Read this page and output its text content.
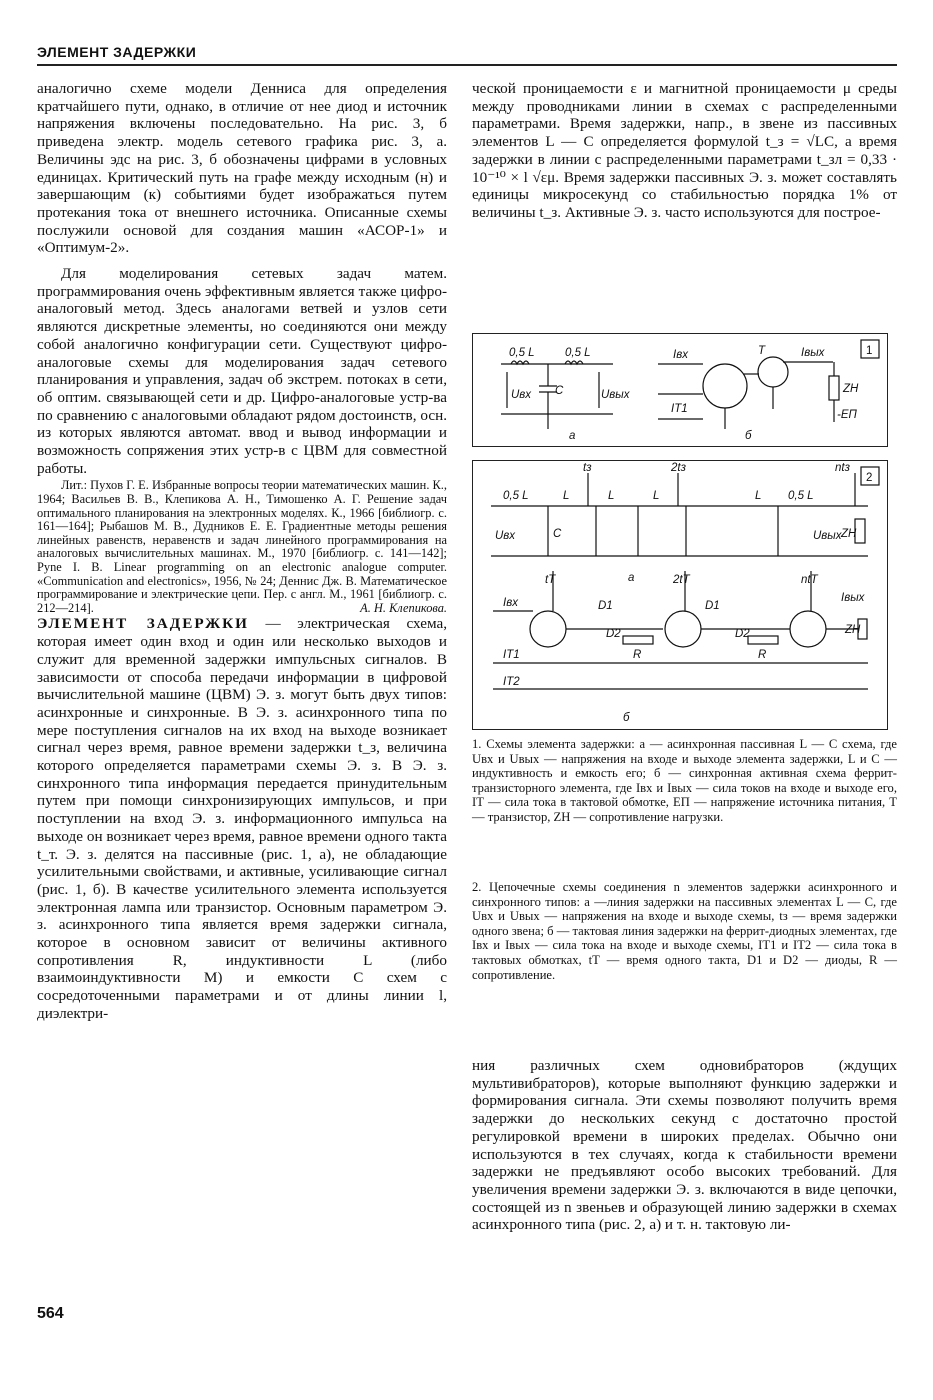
ЭЛЕМЕНТ ЗАДЕРЖКИ

аналогично схеме модели Денниса для определения кратчайшего пути, однако, в отличие от нее диод и источник напряжения включены последовательно. На рис. 3, б приведена электр. модель сетевого графика рис. 3, а. Величины эдс на рис. 3, б обозначены цифрами в условных единицах. Критический путь на графе между исходным (н) и завершающим (к) событиями будет изображаться путем протекания тока от внешнего источника. Описанные схемы послужили основой для создания машин «АСОР-1» и «Оптимум-2».

Для моделирования сетевых задач матем. программирования очень эффективным является также цифро-аналоговый метод. Здесь аналогами ветвей и узлов сети являются дискретные элементы, но соединяются они между собой аналогично конфигурации сети. Существуют цифро-аналоговые схемы для моделирования задач сетевого планирования и управления, задач об экстрем. потоках в сети, об оптим. связывающей сети и др. Цифро-аналоговые устр-ва по сравнению с аналоговыми обладают рядом достоинств, осн. из которых являются автомат. ввод и вывод информации и возможность сопряжения этих устр-в с ЦВМ для совместной работы.

Лит.: Пухов Г. Е. Избранные вопросы теории математических машин. К., 1964; Васильев В. В., Клепикова А. Н., Тимошенко А. Г. Решение задач оптимального планирования на электронных моделях. К., 1966 [библиогр. с. 161—164]; Рыбашов М. В., Дудников Е. Е. Градиентные методы решения линейных равенств, неравенств и задач линейного программирования на аналоговых вычислительных машинах. М., 1970 [библиогр. с. 141—142]; Pyne I. B. Linear programming on an electronic analogue computer. «Communication and electronics», 1956, № 24; Деннис Дж. В. Математическое программирование и электрические цепи. Пер. с англ. М., 1961 [библиогр. с. 212—214].	А. Н. Клепикова.

ЭЛЕМЕНТ ЗАДЕРЖКИ — электрическая схема, которая имеет один вход и один или несколько выходов и служит для временной задержки импульсных сигналов. В зависимости от способа передачи информации в цифровой вычислительной машине (ЦВМ) Э. з. могут быть двух типов: асинхронные и синхронные. В Э. з. асинхронного типа по мере поступления сигналов на их вход на выходе возникает сигнал через время, равное времени задержки t_з, величина которого определяется параметрами схемы Э. з. В Э. з. синхронного типа информация передается принудительным путем при помощи синхронизирующих импульсов, и при поступлении на вход Э. з. информационного импульса на выходе он возникает через время, равное времени одного такта t_т. Э. з. делятся на пассивные (рис. 1, а), не обладающие усилительными свойствами, и активные, усиливающие сигнал (рис. 1, б). В качестве усилительного элемента используется электронная лампа или транзистор. Основным параметром Э. з. асинхронного типа является время задержки сигнала, которое в основном зависит от величины активного сопротивления R, индуктивности L (либо взаимоиндуктивности M) и емкости C схем с сосредоточенными параметрами и от длины линии l, диэлектри-

ческой проницаемости ε и магнитной проницаемости μ среды между проводниками линии в схемах с распределенными параметрами. Время задержки, напр., в звене из пассивных элементов L — C определяется формулой t_з = √LC, а время задержки в линии с распределенными параметрами t_зл = 0,33 · 10⁻¹⁰ × l √εμ. Время задержки пассивных Э. з. может составлять единицы микросекунд со стабильностью порядка 1% от величины t_з. Активные Э. з. часто используются для построе-

0,5 L	0,5 L
C
Uвх	Uвых
a
Iвх
IТ1
T	Iвых
ZН
-EП
б
1
tз	2tз	ntз
0,5 L	L	L	L	L 0,5 L
C
Uвх	Uвых ZН
a
tТ	2tТ	ntТ
Iвх	Iвых
D1
D2
D1
D2
R	R
IТ1
IТ2
ZН
б
2
1. Схемы элемента задержки: а — асинхронная пассивная L — C схема, где Uвх и Uвых — напряжения на входе и выходе элемента задержки, L и C — индуктивность и емкость его; б — синхронная активная схема феррит-транзисторного элемента, где Iвх и Iвых — сила токов на входе и выходе его, IТ — сила тока в тактовой обмотке, EП — напряжение источника питания, T — транзистор, ZН — сопротивление нагрузки.
2. Цепочечные схемы соединения n элементов задержки асинхронного и синхронного типов: а —линия задержки на пассивных элементах L — C, где Uвх и Uвых — напряжения на входе и выходе схемы, tз — время задержки одного звена; б — тактовая линия задержки на феррит-диодных элементах, где Iвх и Iвых — сила тока на входе и выходе схемы, IТ1 и IТ2 — сила тока в тактовых обмотках, tТ — время одного такта, D1 и D2 — диоды, R — сопротивление.

ния различных схем одновибраторов (ждущих мультивибраторов), которые выполняют функцию задержки и формирования сигнала. Эти схемы позволяют получить время задержки до нескольких секунд с достаточно простой регулировкой времени в широких пределах. Обычно они используются в тех случаях, когда к стабильности времени задержки не предъявляют особо высоких требований. Для увеличения времени задержки Э. з. включаются в виде цепочки, состоящей из n звеньев и образующей линию задержки в схемах асинхронного типа (рис. 2, а) и т. н. тактовую ли-

564
